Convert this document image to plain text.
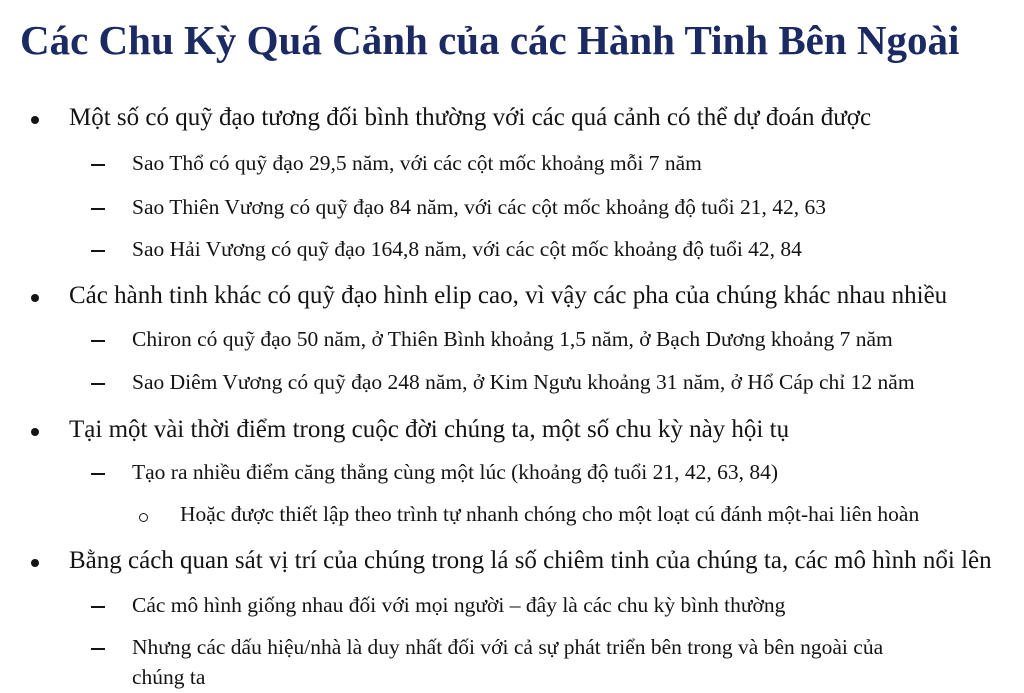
Các Chu Kỳ Quá Cảnh của các Hành Tinh Bên Ngoài
Một số có quỹ đạo tương đối bình thường với các quá cảnh có thể dự đoán được
Sao Thổ có quỹ đạo 29,5 năm, với các cột mốc khoảng mỗi 7 năm
Sao Thiên Vương có quỹ đạo 84 năm, với các cột mốc khoảng độ tuổi 21, 42, 63
Sao Hải Vương có quỹ đạo 164,8 năm, với các cột mốc khoảng độ tuổi 42, 84
Các hành tinh khác có quỹ đạo hình elip cao, vì vậy các pha của chúng khác nhau nhiều
Chiron có quỹ đạo 50 năm, ở Thiên Bình khoảng 1,5 năm, ở Bạch Dương khoảng 7 năm
Sao Diêm Vương có quỹ đạo 248 năm, ở Kim Ngưu khoảng 31 năm, ở Hổ Cáp chỉ 12 năm
Tại một vài thời điểm trong cuộc đời chúng ta, một số chu kỳ này hội tụ
Tạo ra nhiều điểm căng thẳng cùng một lúc (khoảng độ tuổi 21, 42, 63, 84)
Hoặc được thiết lập theo trình tự nhanh chóng cho một loạt cú đánh một-hai liên hoàn
Bằng cách quan sát vị trí của chúng trong lá số chiêm tinh của chúng ta, các mô hình nổi lên
Các mô hình giống nhau đối với mọi người – đây là các chu kỳ bình thường
Nhưng các dấu hiệu/nhà là duy nhất đối với cả sự phát triển bên trong và bên ngoài của
chúng ta
